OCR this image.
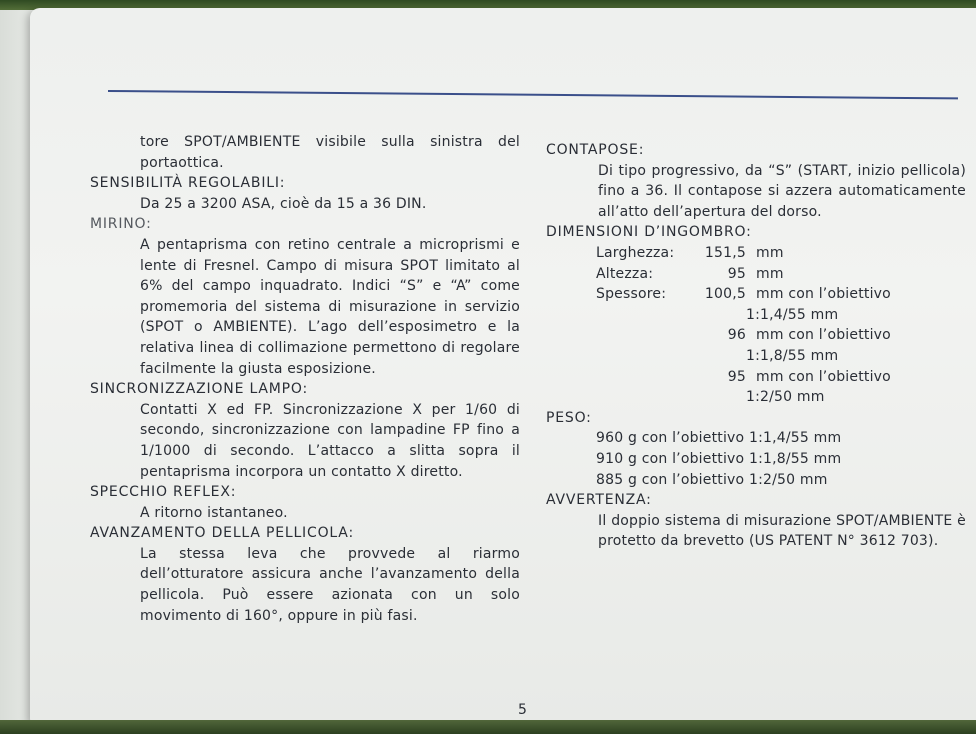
tore SPOT/AMBIENTE visibile sulla sinistra del portaottica.
SENSIBILITÀ REGOLABILI:
Da 25 a 3200 ASA, cioè da 15 a 36 DIN.
MIRINO:
A pentaprisma con retino centrale a microprismi e lente di Fresnel. Campo di misura SPOT limitato al 6% del campo inquadrato. Indici “S” e “A” come promemoria del sistema di misurazione in servizio (SPOT o AMBIENTE). L’ago dell’esposimetro e la relativa linea di collimazione permettono di regolare facilmente la giusta esposizione.
SINCRONIZZAZIONE LAMPO:
Contatti X ed FP. Sincronizzazione X per 1/60 di secondo, sincronizzazione con lampadine FP fino a 1/1000 di secondo. L’attacco a slitta sopra il pentaprisma incorpora un contatto X diretto.
SPECCHIO REFLEX:
A ritorno istantaneo.
AVANZAMENTO DELLA PELLICOLA:
La stessa leva che provvede al riarmo dell’otturatore assicura anche l’avanzamento della pellicola. Può essere azionata con un solo movimento di 160°, oppure in più fasi.
CONTAPOSE:
Di tipo progressivo, da “S” (START, inizio pellicola) fino a 36. Il contapose si azzera automaticamente all’atto dell’apertura del dorso.
DIMENSIONI D’INGOMBRO:
Larghezza:	151,5 mm
Altezza:	95 mm
Spessore:	100,5 mm con l’obiettivo
1:1,4/55 mm
96 mm con l’obiettivo
1:1,8/55 mm
95 mm con l’obiettivo
1:2/50 mm
PESO:
960 g con l’obiettivo 1:1,4/55 mm
910 g con l’obiettivo 1:1,8/55 mm
885 g con l’obiettivo 1:2/50 mm
AVVERTENZA:
Il doppio sistema di misurazione SPOT/AMBIENTE è protetto da brevetto (US PATENT N° 3612 703).
5
